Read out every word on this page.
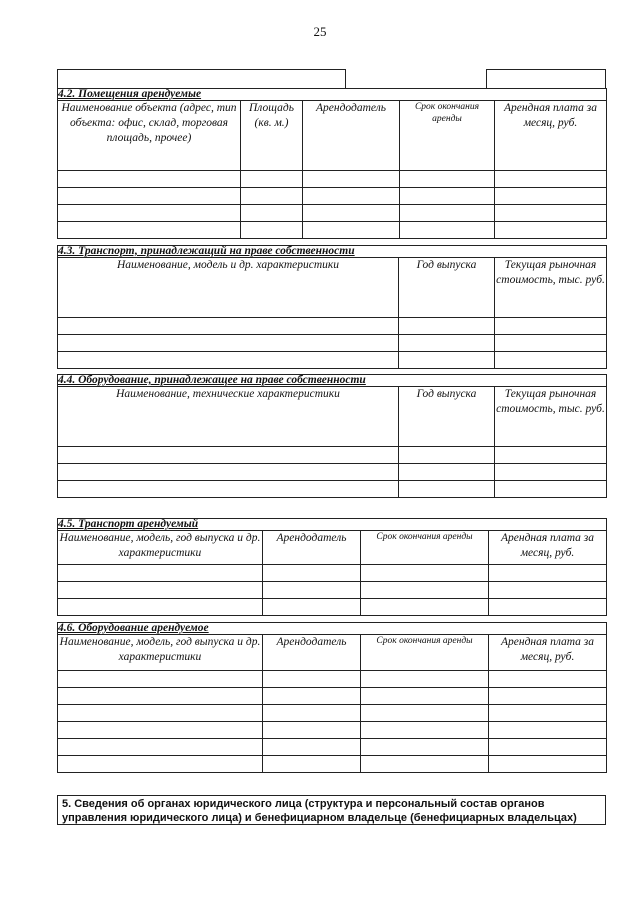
25
4.2. Помещения арендуемые				
Наименование объекта (адрес, тип объекта: офис, склад, торговая площадь, прочее)	Площадь (кв. м.)	Арендодатель	Срок окончания аренды	Арендная плата за месяц, руб.

4.3. Транспорт, принадлежащий на праве собственности		
Наименование, модель и др. характеристики	Год выпуска	Текущая рыночная стоимость, тыс. руб.

4.4. Оборудование, принадлежащее на праве собственности		
Наименование, технические характеристики	Год выпуска	Текущая рыночная стоимость, тыс. руб.

4.5. Транспорт арендуемый			
Наименование, модель, год выпуска и др. характеристики	Арендодатель	Срок окончания аренды	Арендная плата за месяц, руб.

4.6. Оборудование арендуемое			
Наименование, модель, год выпуска и др. характеристики	Арендодатель	Срок окончания аренды	Арендная плата за месяц, руб.

5. Сведения об органах юридического лица (структура и персональный состав органов управления юридического лица) и бенефициарном владельце (бенефициарных владельцах)
